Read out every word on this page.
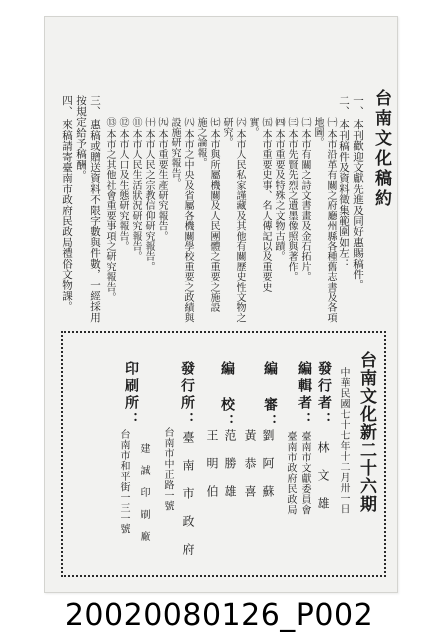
台南文化稿約
一、
本刊歡迎文獻先進及同好惠賜稿件。
二、
本刊稿件及資料徵集範圍如左：
㈠
本市沿革有關之府廳州縣各種舊志書及各項
地圖。
㈡
本市有關之詩文書畫及金石拓片。
㈢
本市先賢先烈之遺墨像照與著作。
㈣
本市重要及特殊之文物古蹟。
㈤
本市重要史事、名人傳記以及重要史
實。
㈥
本市人民私家謹藏及其他有關歷史性文物之
研究。
㈦
本市與所屬機關及人民團體之重要之施設
施之論報。
㈧
本市之中央及省屬各機關學校重要之政績與
設施研究報告。
㈨
本市重要生產研究報告。
㈩
本市人民之宗教信仰研究報告。
⑪
本市人民生活狀況研究報告。
⑫
本市人口及生態研究報告。
⑬
本市之其他社會重要事項之研究報告。
三、
惠稿或贈送資料不限字數與件數，一經採用
按規定給予稿酬。
四、
來稿請寄臺南市政府民政局禮俗文物課。
台南文化新二十六期
中華民國七十七年十二月卅一日
發行者：
林 文 雄
編輯者：
臺南市文獻委員會
臺南市政府民政局
編 審：
劉 阿 蘇
黃 恭 喜
編 校：
范 勝 雄
王 明 伯
發行所：
臺 南 市 政 府
台南市中正路一號
印刷所：
建 誠 印 刷 廠
台南市和平街一三一號
20020080126_P002
